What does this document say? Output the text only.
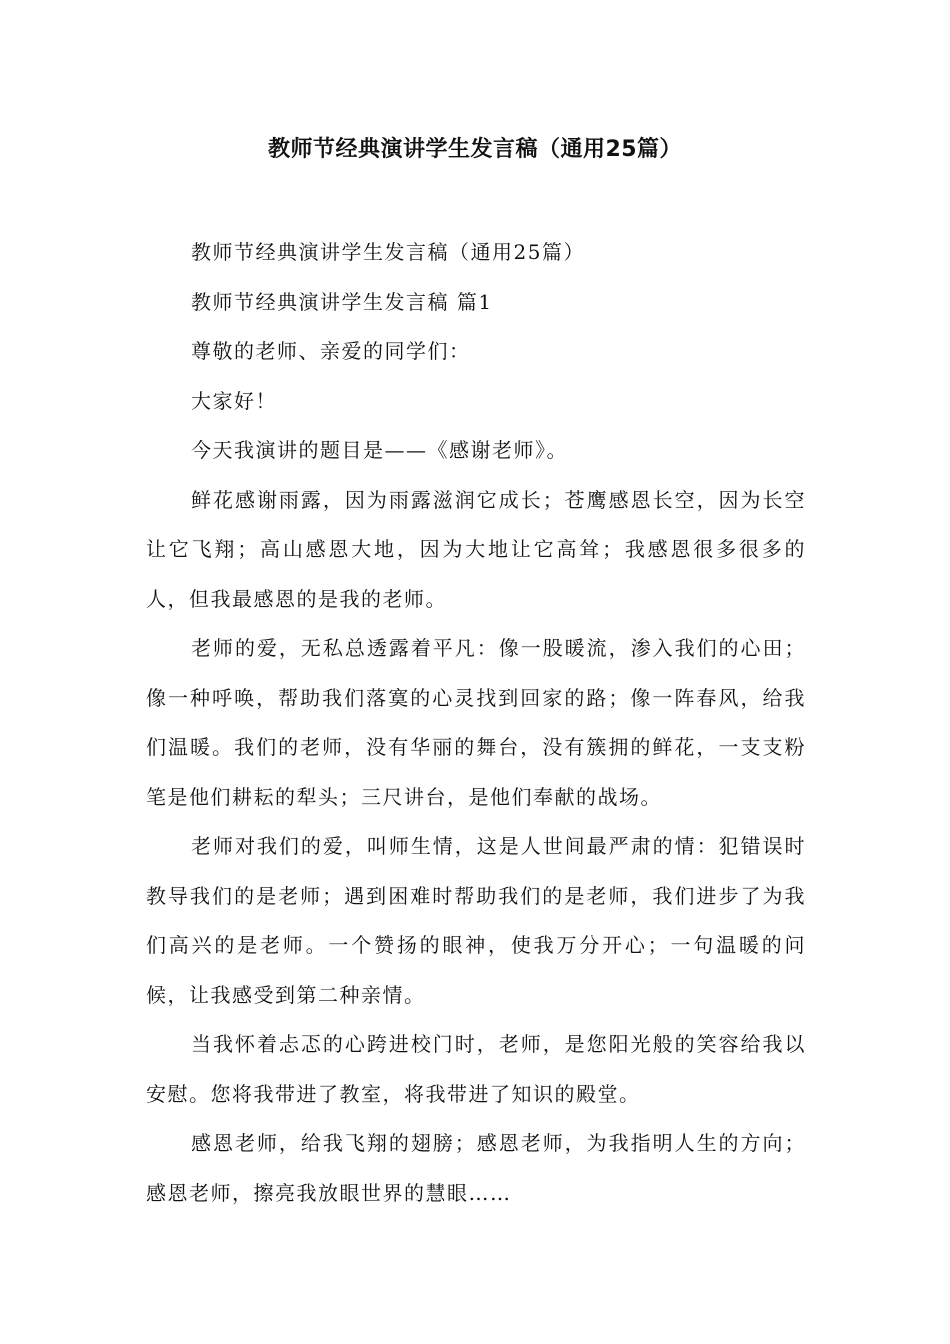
教师节经典演讲学生发言稿（通用25篇）

教师节经典演讲学生发言稿（通用25篇）

教师节经典演讲学生发言稿 篇1

尊敬的老师、亲爱的同学们：

大家好！

今天我演讲的题目是——《感谢老师》。

鲜花感谢雨露，因为雨露滋润它成长；苍鹰感恩长空，因为长空让它飞翔；高山感恩大地，因为大地让它高耸；我感恩很多很多的人，但我最感恩的是我的老师。

老师的爱，无私总透露着平凡：像一股暖流，渗入我们的心田；像一种呼唤，帮助我们落寞的心灵找到回家的路；像一阵春风，给我们温暖。我们的老师，没有华丽的舞台，没有簇拥的鲜花，一支支粉笔是他们耕耘的犁头；三尺讲台，是他们奉献的战场。

老师对我们的爱，叫师生情，这是人世间最严肃的情：犯错误时教导我们的是老师；遇到困难时帮助我们的是老师，我们进步了为我们高兴的是老师。一个赞扬的眼神，使我万分开心；一句温暖的问候，让我感受到第二种亲情。

当我怀着忐忑的心跨进校门时，老师，是您阳光般的笑容给我以安慰。您将我带进了教室，将我带进了知识的殿堂。

感恩老师，给我飞翔的翅膀；感恩老师，为我指明人生的方向；感恩老师，擦亮我放眼世界的慧眼……
